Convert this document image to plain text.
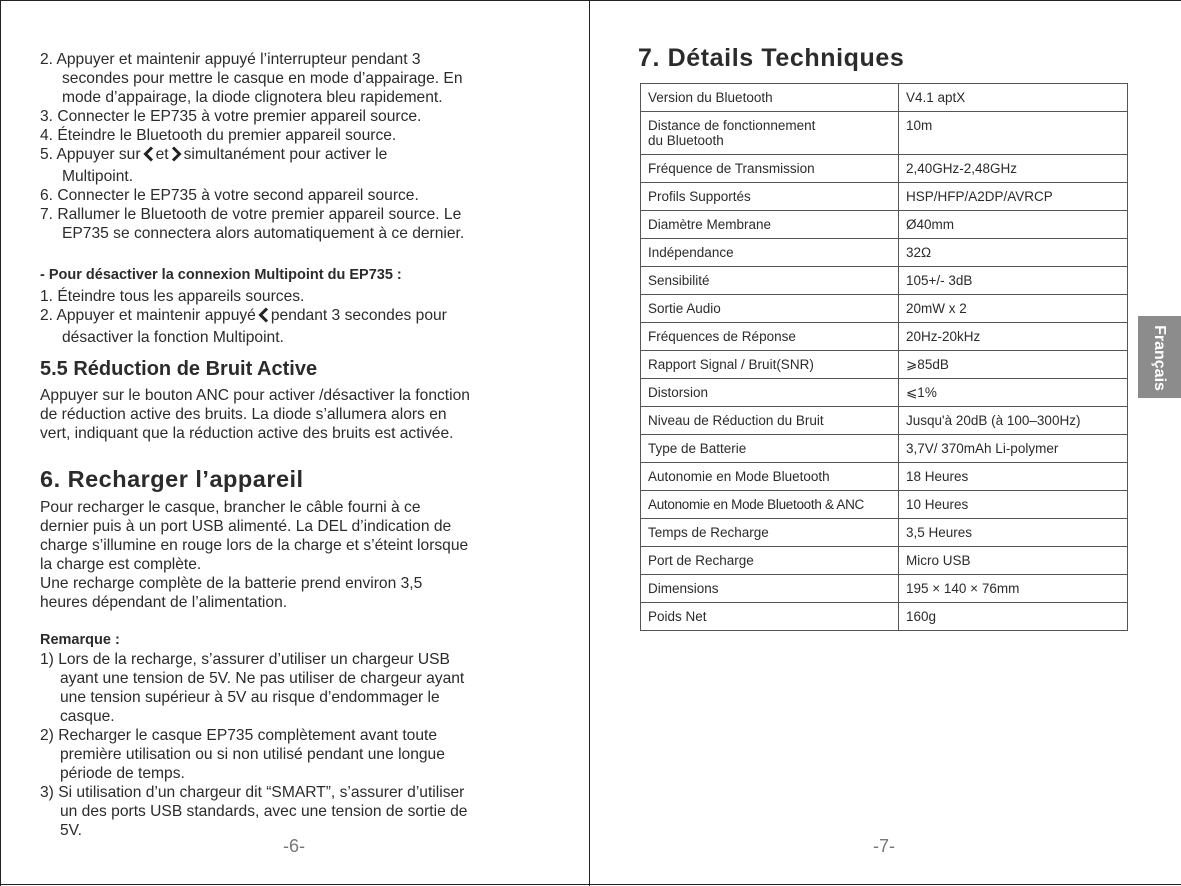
2. Appuyer et maintenir appuyé l’interrupteur pendant 3
secondes pour mettre le casque en mode d’appairage. En
mode d’appairage, la diode clignotera bleu rapidement.
3. Connecter le EP735 à votre premier appareil source.
4. Éteindre le Bluetooth du premier appareil source.
5. Appuyer sur et simultanément pour activer le
Multipoint.
6. Connecter le EP735 à votre second appareil source.
7. Rallumer le Bluetooth de votre premier appareil source. Le
EP735 se connectera alors automatiquement à ce dernier.
- Pour désactiver la connexion Multipoint du EP735 :
1. Éteindre tous les appareils sources.
2. Appuyer et maintenir appuyé pendant 3 secondes pour
désactiver la fonction Multipoint.
5.5 Réduction de Bruit Active
Appuyer sur le bouton ANC pour activer /désactiver la fonction
de réduction active des bruits. La diode s’allumera alors en
vert, indiquant que la réduction active des bruits est activée.
6. Recharger l’appareil
Pour recharger le casque, brancher le câble fourni à ce
dernier puis à un port USB alimenté. La DEL d’indication de
charge s’illumine en rouge lors de la charge et s’éteint lorsque
la charge est complète.
Une recharge complète de la batterie prend environ 3,5
heures dépendant de l’alimentation.
Remarque :
1) Lors de la recharge, s’assurer d’utiliser un chargeur USB
ayant une tension de 5V. Ne pas utiliser de chargeur ayant
une tension supérieur à 5V au risque d’endommager le
casque.
2) Recharger le casque EP735 complètement avant toute
première utilisation ou si non utilisé pendant une longue
période de temps.
3) Si utilisation d’un chargeur dit “SMART”, s’assurer d’utiliser
un des ports USB standards, avec une tension de sortie de
5V.
-6-
7. Détails Techniques
Version du Bluetooth	V4.1 aptX

Distance de fonctionnement
du Bluetooth	10m
Fréquence de Transmission	2,40GHz-2,48GHz
Profils Supportés	HSP/HFP/A2DP/AVRCP
Diamètre Membrane	Ø40mm
Indépendance	32Ω
Sensibilité	105+/- 3dB
Sortie Audio	20mW x 2
Fréquences de Réponse	20Hz-20kHz
Rapport Signal / Bruit(SNR)	⩾85dB
Distorsion	⩽1%
Niveau de Réduction du Bruit	Jusqu'à 20dB (à 100–300Hz)
Type de Batterie	3,7V/ 370mAh Li-polymer
Autonomie en Mode Bluetooth	18 Heures
Autonomie en Mode Bluetooth & ANC	10 Heures
Temps de Recharge	3,5 Heures
Port de Recharge	Micro USB
Dimensions	195 × 140 × 76mm
Poids Net	160g
Français
-7-
